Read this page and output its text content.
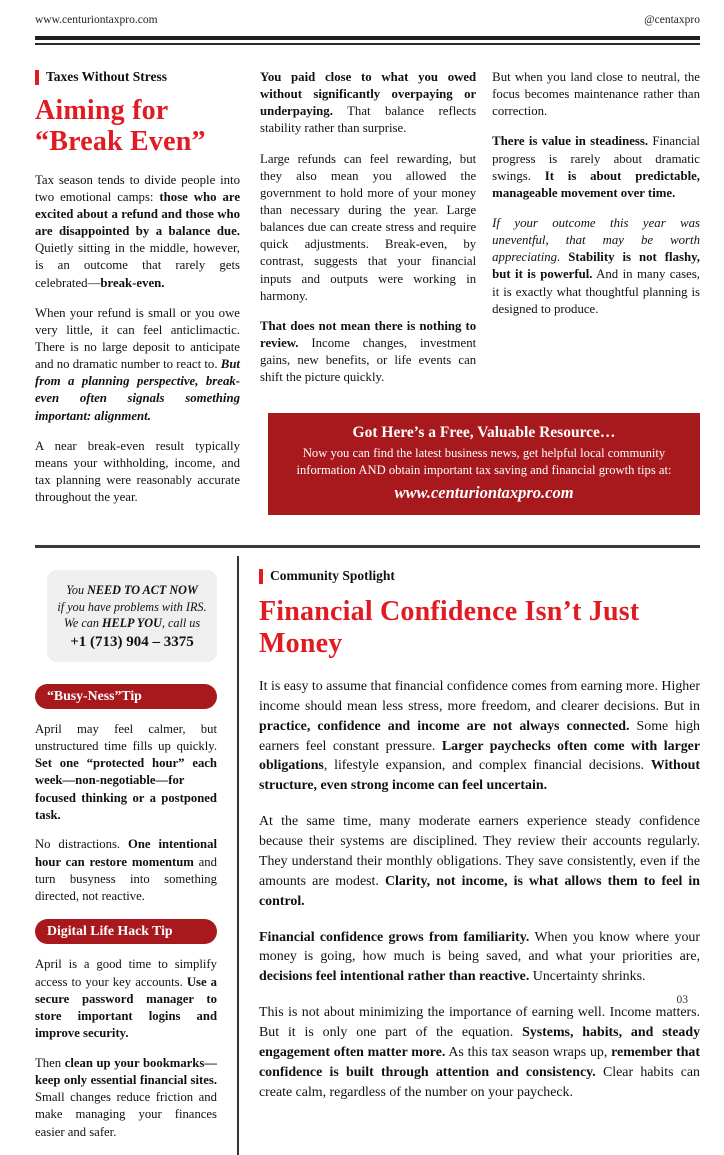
www.centuriontaxpro.com	@centaxpro
Taxes Without Stress
Aiming for “Break Even”

Tax season tends to divide people into two emotional camps: those who are excited about a refund and those who are disappointed by a balance due. Quietly sitting in the middle, however, is an outcome that rarely gets celebrated—break-even.

When your refund is small or you owe very little, it can feel anticlimactic. There is no large deposit to anticipate and no dramatic number to react to. But from a planning perspective, break-even often signals something important: alignment.

A near break-even result typically means your withholding, income, and tax planning were reasonably accurate throughout the year.

You paid close to what you owed without significantly overpaying or underpaying. That balance reflects stability rather than surprise.

Large refunds can feel rewarding, but they also mean you allowed the government to hold more of your money than necessary during the year. Large balances due can create stress and require quick adjustments. Break-even, by contrast, suggests that your financial inputs and outputs were working in harmony.

That does not mean there is nothing to review. Income changes, investment gains, new benefits, or life events can shift the picture quickly.

But when you land close to neutral, the focus becomes maintenance rather than correction.

There is value in steadiness. Financial progress is rarely about dramatic swings. It is about predictable, manageable movement over time.

If your outcome this year was uneventful, that may be worth appreciating. Stability is not flashy, but it is powerful. And in many cases, it is exactly what thoughtful planning is designed to produce.

Got Here’s a Free, Valuable Resource…

Now you can find the latest business news, get helpful local community information AND obtain important tax saving and financial growth tips at:

www.centuriontaxpro.com
You NEED TO ACT NOW
if you have problems with IRS.
We can HELP YOU, call us
+1 (713) 904 – 3375
“Busy-Ness”Tip

April may feel calmer, but unstructured time fills up quickly. Set one “protected hour” each week—non-negotiable—for focused thinking or a postponed task.

No distractions. One intentional hour can restore momentum and turn busyness into something directed, not reactive.

Digital Life Hack Tip

April is a good time to simplify access to your key accounts. Use a secure password manager to store important logins and improve security.

Then clean up your bookmarks—keep only essential financial sites. Small changes reduce friction and make managing your finances easier and safer.

Community Spotlight
Financial Confidence Isn’t Just Money

It is easy to assume that financial confidence comes from earning more. Higher income should mean less stress, more freedom, and clearer decisions. But in practice, confidence and income are not always connected. Some high earners feel constant pressure. Larger paychecks often come with larger obligations, lifestyle expansion, and complex financial decisions. Without structure, even strong income can feel uncertain.

At the same time, many moderate earners experience steady confidence because their systems are disciplined. They review their accounts regularly. They understand their monthly obligations. They save consistently, even if the amounts are modest. Clarity, not income, is what allows them to feel in control.

Financial confidence grows from familiarity. When you know where your money is going, how much is being saved, and what your priorities are, decisions feel intentional rather than reactive. Uncertainty shrinks.

This is not about minimizing the importance of earning well. Income matters. But it is only one part of the equation. Systems, habits, and steady engagement often matter more. As this tax season wraps up, remember that confidence is built through attention and consistency. Clear habits can create calm, regardless of the number on your paycheck.

03
